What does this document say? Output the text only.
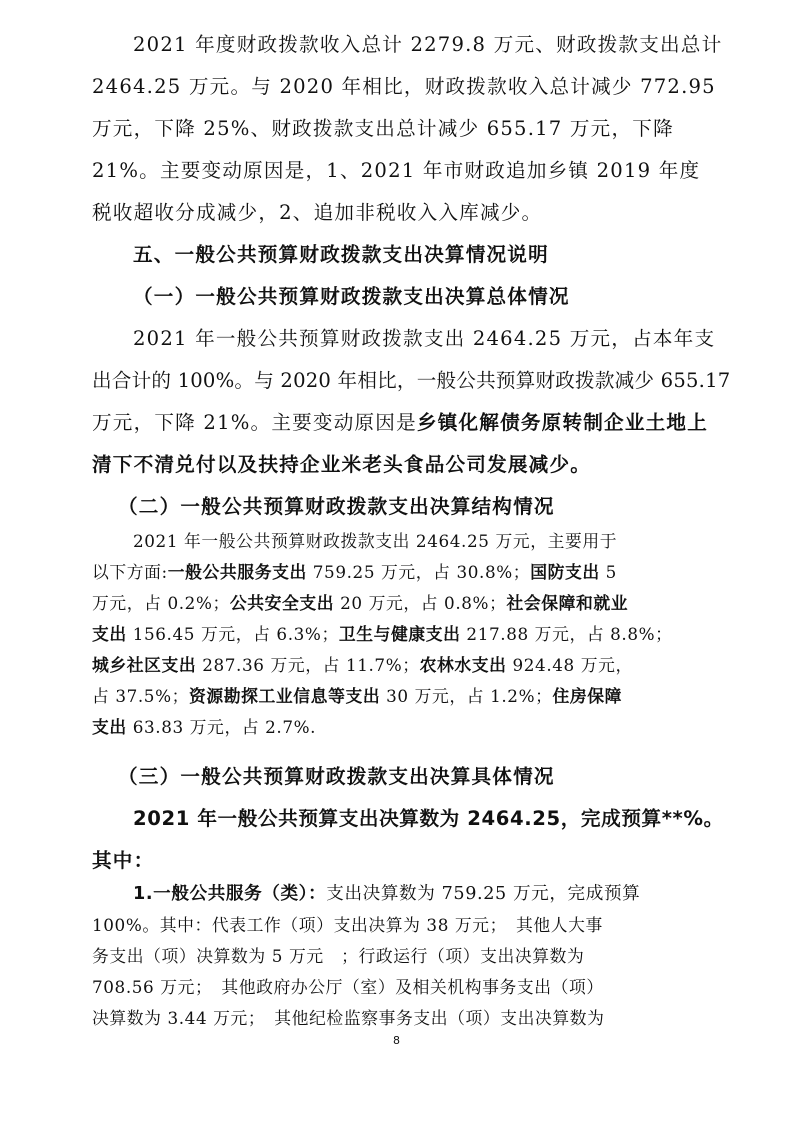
2021 年度财政拨款收入总计 2279.8 万元、财政拨款支出总计

2464.25 万元。与 2020 年相比，财政拨款收入总计减少 772.95

万元，下降 25%、财政拨款支出总计减少 655.17 万元，下降

21%。主要变动原因是，1、2021 年市财政追加乡镇 2019 年度

税收超收分成减少，2、追加非税收入入库减少。

五、一般公共预算财政拨款支出决算情况说明

（一）一般公共预算财政拨款支出决算总体情况

2021 年一般公共预算财政拨款支出 2464.25 万元，占本年支

出合计的 100%。与 2020 年相比，一般公共预算财政拨款减少 655.17

万元，下降 21%。主要变动原因是乡镇化解债务原转制企业土地上

清下不清兑付以及扶持企业米老头食品公司发展减少。

（二）一般公共预算财政拨款支出决算结构情况

2021 年一般公共预算财政拨款支出 2464.25 万元，主要用于

以下方面:一般公共服务支出 759.25 万元，占 30.8%；国防支出 5

万元，占 0.2%；公共安全支出 20 万元，占 0.8%；社会保障和就业

支出 156.45 万元，占 6.3%；卫生与健康支出 217.88 万元，占 8.8%；

城乡社区支出 287.36 万元，占 11.7%；农林水支出 924.48 万元，

占 37.5%；资源勘探工业信息等支出 30 万元，占 1.2%；住房保障

支出 63.83 万元，占 2.7%.

（三）一般公共预算财政拨款支出决算具体情况

2021 年一般公共预算支出决算数为 2464.25，完成预算**%。

其中：

1.一般公共服务（类）：支出决算数为 759.25 万元，完成预算

100%。其中：代表工作（项）支出决算为 38 万元；　其他人大事

务支出（项）决算数为 5 万元　；行政运行（项）支出决算数为

708.56 万元；　其他政府办公厅（室）及相关机构事务支出（项）

决算数为 3.44 万元；　其他纪检监察事务支出（项）支出决算数为

8
